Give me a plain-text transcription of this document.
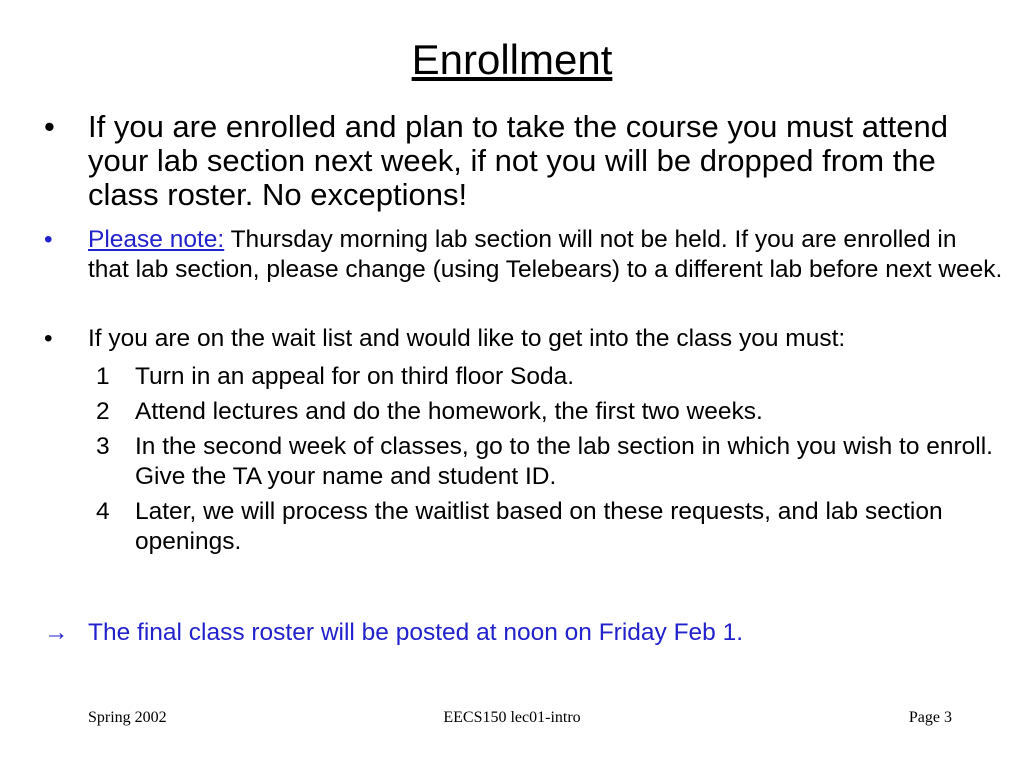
Enrollment
• If you are enrolled and plan to take the course you must attend your lab section next week, if not you will be dropped from the class roster. No exceptions!
• Please note: Thursday morning lab section will not be held. If you are enrolled in that lab section, please change (using Telebears) to a different lab before next week.
• If you are on the wait list and would like to get into the class you must:
1 Turn in an appeal for on third floor Soda.
2 Attend lectures and do the homework, the first two weeks.
3 In the second week of classes, go to the lab section in which you wish to enroll. Give the TA your name and student ID.
4 Later, we will process the waitlist based on these requests, and lab section openings.
→ The final class roster will be posted at noon on Friday Feb 1.
Spring 2002	EECS150 lec01-intro	Page 3
